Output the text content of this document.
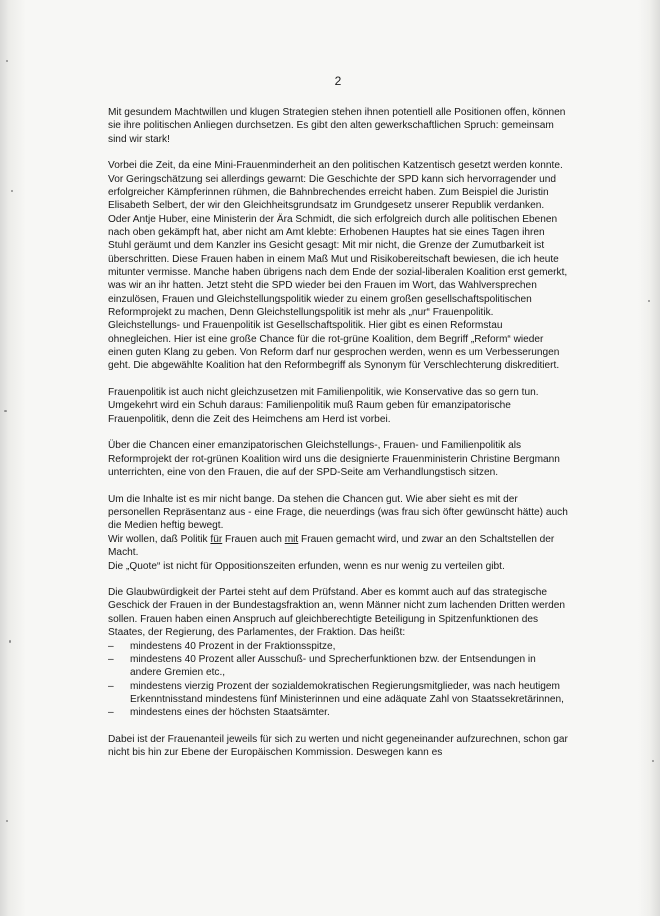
2

Mit gesundem Machtwillen und klugen Strategien stehen ihnen potentiell alle Positionen offen, können sie ihre politischen Anliegen durchsetzen. Es gibt den alten gewerkschaftlichen Spruch: gemeinsam sind wir stark!

Vorbei die Zeit, da eine Mini-Frauenminderheit an den politischen Katzentisch gesetzt werden konnte. Vor Geringschätzung sei allerdings gewarnt: Die Geschichte der SPD kann sich hervorragender und erfolgreicher Kämpferinnen rühmen, die Bahnbrechendes erreicht haben. Zum Beispiel die Juristin Elisabeth Selbert, der wir den Gleichheitsgrundsatz im Grundgesetz unserer Republik verdanken. Oder Antje Huber, eine Ministerin der Ära Schmidt, die sich erfolgreich durch alle politischen Ebenen nach oben gekämpft hat, aber nicht am Amt klebte: Erhobenen Hauptes hat sie eines Tagen ihren Stuhl geräumt und dem Kanzler ins Gesicht gesagt: Mit mir nicht, die Grenze der Zumutbarkeit ist überschritten. Diese Frauen haben in einem Maß Mut und Risikobereitschaft bewiesen, die ich heute mitunter vermisse. Manche haben übrigens nach dem Ende der sozial-liberalen Koalition erst gemerkt, was wir an ihr hatten. Jetzt steht die SPD wieder bei den Frauen im Wort, das Wahlversprechen einzulösen, Frauen und Gleichstellungspolitik wieder zu einem großen gesellschaftspolitischen Reformprojekt zu machen, Denn Gleichstellungspolitik ist mehr als „nur“ Frauenpolitik. Gleichstellungs- und Frauenpolitik ist Gesellschaftspolitik. Hier gibt es einen Reformstau ohnegleichen. Hier ist eine große Chance für die rot-grüne Koalition, dem Begriff „Reform“ wieder einen guten Klang zu geben. Von Reform darf nur gesprochen werden, wenn es um Verbesserungen geht. Die abgewählte Koalition hat den Reformbegriff als Synonym für Verschlechterung diskreditiert.

Frauenpolitik ist auch nicht gleichzusetzen mit Familienpolitik, wie Konservative das so gern tun. Umgekehrt wird ein Schuh daraus: Familienpolitik muß Raum geben für emanzipatorische Frauenpolitik, denn die Zeit des Heimchens am Herd ist vorbei.

Über die Chancen einer emanzipatorischen Gleichstellungs-, Frauen- und Familienpolitik als Reformprojekt der rot-grünen Koalition wird uns die designierte Frauenministerin Christine Bergmann unterrichten, eine von den Frauen, die auf der SPD-Seite am Verhandlungstisch sitzen.

Um die Inhalte ist es mir nicht bange. Da stehen die Chancen gut. Wie aber sieht es mit der personellen Repräsentanz aus - eine Frage, die neuerdings (was frau sich öfter gewünscht hätte) auch die Medien heftig bewegt.
Wir wollen, daß Politik für Frauen auch mit Frauen gemacht wird, und zwar an den Schaltstellen der Macht.
Die „Quote“ ist nicht für Oppositionszeiten erfunden, wenn es nur wenig zu verteilen gibt.

Die Glaubwürdigkeit der Partei steht auf dem Prüfstand. Aber es kommt auch auf das strategische Geschick der Frauen in der Bundestagsfraktion an, wenn Männer nicht zum lachenden Dritten werden sollen. Frauen haben einen Anspruch auf gleichberechtigte Beteiligung in Spitzenfunktionen des Staates, der Regierung, des Parlamentes, der Fraktion. Das heißt:

– mindestens 40 Prozent in der Fraktionsspitze,
– mindestens 40 Prozent aller Ausschuß- und Sprecherfunktionen bzw. der Entsendungen in andere Gremien etc.,
– mindestens vierzig Prozent der sozialdemokratischen Regierungsmitglieder, was nach heutigem Erkenntnisstand mindestens fünf Ministerinnen und eine adäquate Zahl von Staatssekretärinnen,
– mindestens eines der höchsten Staatsämter.

Dabei ist der Frauenanteil jeweils für sich zu werten und nicht gegeneinander aufzurechnen, schon gar nicht bis hin zur Ebene der Europäischen Kommission. Deswegen kann es
